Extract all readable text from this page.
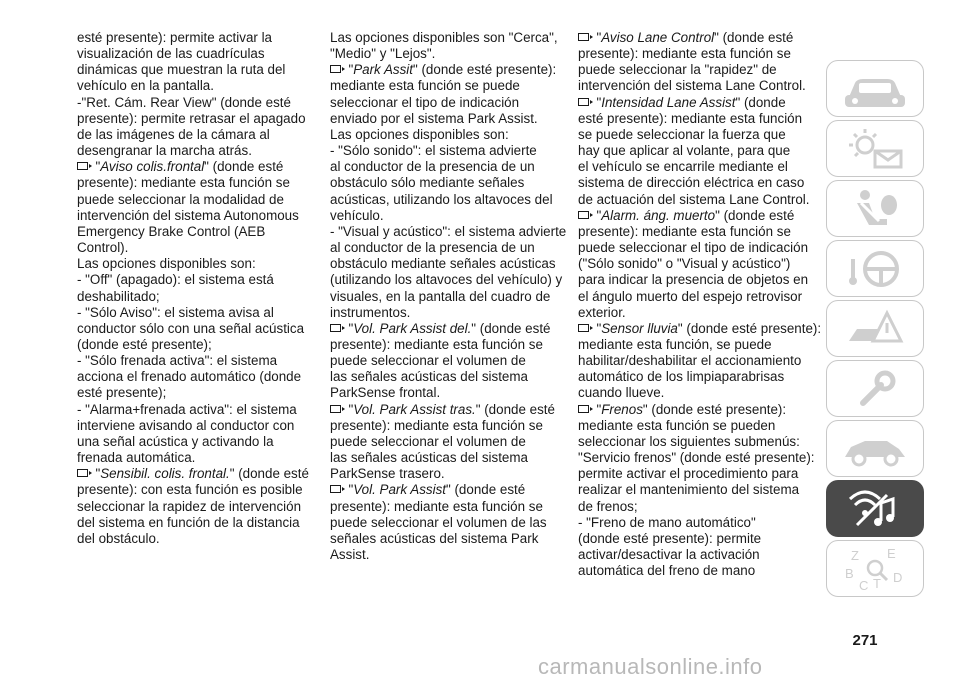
esté presente): permite activar la
visualización de las cuadrículas
dinámicas que muestran la ruta del
vehículo en la pantalla.
-"Ret. Cám. Rear View" (donde esté
presente): permite retrasar el apagado
de las imágenes de la cámara al
desengranar la marcha atrás.
"Aviso colis.frontal" (donde esté
presente): mediante esta función se
puede seleccionar la modalidad de
intervención del sistema Autonomous
Emergency Brake Control (AEB
Control).
Las opciones disponibles son:
- "Off" (apagado): el sistema está
deshabilitado;
- "Sólo Aviso": el sistema avisa al
conductor sólo con una señal acústica
(donde esté presente);
- "Sólo frenada activa": el sistema
acciona el frenado automático (donde
esté presente);
- "Alarma+frenada activa": el sistema
interviene avisando al conductor con
una señal acústica y activando la
frenada automática.
"Sensibil. colis. frontal." (donde esté
presente): con esta función es posible
seleccionar la rapidez de intervención
del sistema en función de la distancia
del obstáculo.
Las opciones disponibles son "Cerca",
"Medio" y "Lejos".
"Park Assit" (donde esté presente):
mediante esta función se puede
seleccionar el tipo de indicación
enviado por el sistema Park Assist.
Las opciones disponibles son:
- "Sólo sonido": el sistema advierte
al conductor de la presencia de un
obstáculo sólo mediante señales
acústicas, utilizando los altavoces del
vehículo.
- "Visual y acústico": el sistema advierte
al conductor de la presencia de un
obstáculo mediante señales acústicas
(utilizando los altavoces del vehículo) y
visuales, en la pantalla del cuadro de
instrumentos.
"Vol. Park Assist del." (donde esté
presente): mediante esta función se
puede seleccionar el volumen de
las señales acústicas del sistema
ParkSense frontal.
"Vol. Park Assist tras." (donde esté
presente): mediante esta función se
puede seleccionar el volumen de
las señales acústicas del sistema
ParkSense trasero.
"Vol. Park Assist" (donde esté
presente): mediante esta función se
puede seleccionar el volumen de las
señales acústicas del sistema Park
Assist.
"Aviso Lane Control" (donde esté
presente): mediante esta función se
puede seleccionar la "rapidez" de
intervención del sistema Lane Control.
"Intensidad Lane Assist" (donde
esté presente): mediante esta función
se puede seleccionar la fuerza que
hay que aplicar al volante, para que
el vehículo se encarrile mediante el
sistema de dirección eléctrica en caso
de actuación del sistema Lane Control.
"Alarm. áng. muerto" (donde esté
presente): mediante esta función se
puede seleccionar el tipo de indicación
("Sólo sonido" o "Visual y acústico")
para indicar la presencia de objetos en
el ángulo muerto del espejo retrovisor
exterior.
"Sensor lluvia" (donde esté presente):
mediante esta función, se puede
habilitar/deshabilitar el accionamiento
automático de los limpiaparabrisas
cuando llueve.
"Frenos" (donde esté presente):
mediante esta función se pueden
seleccionar los siguientes submenús:
"Servicio frenos" (donde esté presente):
permite activar el procedimiento para
realizar el mantenimiento del sistema
de frenos;
- "Freno de mano automático"
(donde esté presente): permite
activar/desactivar la activación
automática del freno de mano
Z E
B
C T D
271
carmanualsonline.info
